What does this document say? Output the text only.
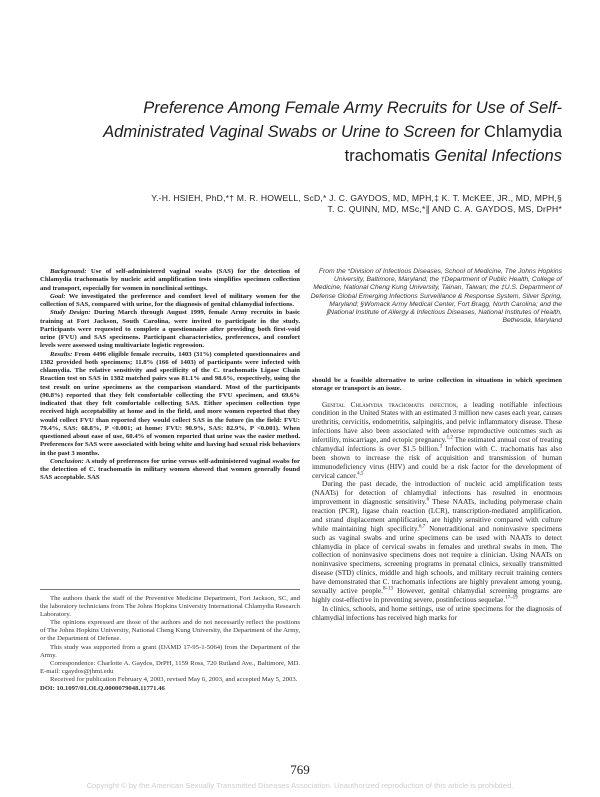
Preference Among Female Army Recruits for Use of Self-
Administrated Vaginal Swabs or Urine to Screen for Chlamydia
trachomatis Genital Infections
Y.-H. HSIEH, PhD,*† M. R. HOWELL, ScD,* J. C. GAYDOS, MD, MPH,‡ K. T. McKEE, JR., MD, MPH,§
T. C. QUINN, MD, MSc,*∥ AND C. A. GAYDOS, MS, DrPH*

Background: Use of self-administered vaginal swabs (SAS) for the detection of Chlamydia trachomatis by nucleic acid amplification tests simplifies specimen collection and transport, especially for women in nonclinical settings.

Goal: We investigated the preference and comfort level of military women for the collection of SAS, compared with urine, for the diagnosis of genital chlamydial infections.

Study Design: During March through August 1999, female Army recruits in basic training at Fort Jackson, South Carolina, were invited to participate in the study. Participants were requested to complete a questionnaire after providing both first-void urine (FVU) and SAS specimens. Participant characteristics, preferences, and comfort levels were assessed using multivariate logistic regression.

Results: From 4496 eligible female recruits, 1403 (31%) completed questionnaires and 1382 provided both specimens; 11.8% (166 of 1403) of participants were infected with chlamydia. The relative sensitivity and specificity of the C. trachomatis Ligase Chain Reaction test on SAS in 1382 matched pairs was 81.1% and 98.6%, respectively, using the test result on urine specimens as the comparison standard. Most of the participants (90.8%) reported that they felt comfortable collecting the FVU specimen, and 69.6% indicated that they felt comfortable collecting SAS. Either specimen collection type received high acceptability at home and in the field, and more women reported that they would collect FVU than reported they would collect SAS in the future (in the field: FVU: 79.4%, SAS: 68.8%, P <0.001; at home: FVU: 90.9%, SAS: 82.9%, P <0.001). When questioned about ease of use, 60.4% of women reported that urine was the easier method. Preferences for SAS were associated with being white and having had sexual risk behaviors in the past 3 months.

Conclusion: A study of preferences for urine versus self-administered vaginal swabs for the detection of C. trachomatis in military women showed that women generally found SAS acceptable. SAS

The authors thank the staff of the Preventive Medicine Department, Fort Jackson, SC, and the laboratory technicians from The Johns Hopkins University International Chlamydia Research Laboratory.

The opinions expressed are those of the authors and do not necessarily reflect the positions of The Johns Hopkins University, National Cheng Kung University, the Department of the Army, or the Department of Defense.

This study was supported from a grant (DAMD 17-95-1-5064) from the Department of the Army.

Correspondence: Charlotte A. Gaydos, DrPH, 1159 Ross, 720 Rutland Ave., Baltimore, MD. E-mail: cgaydos@jhmi.edu

Received for publication February 4, 2003, revised May 6, 2003, and accepted May 5, 2003.

DOI: 10.1097/01.OLQ.0000079048.11771.46
From the *Division of Infectious Diseases, School of Medicine, The Johns Hopkins University, Baltimore, Maryland; the †Department of Public Health, College of Medicine, National Cheng Kung University, Tainan, Taiwan; the ‡U.S. Department of Defense Global Emerging Infections Surveillance & Response System, Silver Spring, Maryland; §Womack Army Medical Center, Fort Bragg, North Carolina; and the ∥National Institute of Allergy & Infectious Diseases, National Institutes of Health, Bethesda, Maryland

should be a feasible alternative to urine collection in situations in which specimen storage or transport is an issue.

Genital Chlamydia trachomatis infection, a leading notifiable infectious condition in the United States with an estimated 3 million new cases each year, causes urethritis, cervicitis, endometritis, salpingitis, and pelvic inflammatory disease. These infections have also been associated with adverse reproductive outcomes such as infertility, miscarriage, and ectopic pregnancy.$^{1,2}$ The estimated annual cost of treating chlamydial infections is over $1.5 billion.$^3$ Infection with C. trachomatis has also been shown to increase the risk of acquisition and transmission of human immunodeficiency virus (HIV) and could be a risk factor for the development of cervical cancer.$^{4,5}$

During the past decade, the introduction of nucleic acid amplification tests (NAATs) for detection of chlamydial infections has resulted in enormous improvement in diagnostic sensitivity.$^6$ These NAATs, including polymerase chain reaction (PCR), ligase chain reaction (LCR), transcription-mediated amplification, and strand displacement amplification, are highly sensitive compared with culture while maintaining high specificity.$^{6,7}$ Nonetraditional and noninvasive specimens such as vaginal swabs and urine specimens can be used with NAATs to detect chlamydia in place of cervical swabs in females and urethral swabs in men. The collection of noninvasive specimens does not require a clinician. Using NAATs on noninvasive specimens, screening programs in prenatal clinics, sexually transmitted disease (STD) clinics, middle and high schools, and military recruit training centers have demonstrated that C. trachomatis infections are highly prevalent among young, sexually active people.$^{8-13}$ However, genital chlamydial screening programs are highly cost-effective in preventing severe, postinfectious sequelae.$^{17-19}$

In clinics, schools, and home settings, use of urine specimens for the diagnosis of chlamydial infections has received high marks for

769
Copyright © by the American Sexually Transmitted Diseases Association. Unauthorized reproduction of this article is prohibited.
